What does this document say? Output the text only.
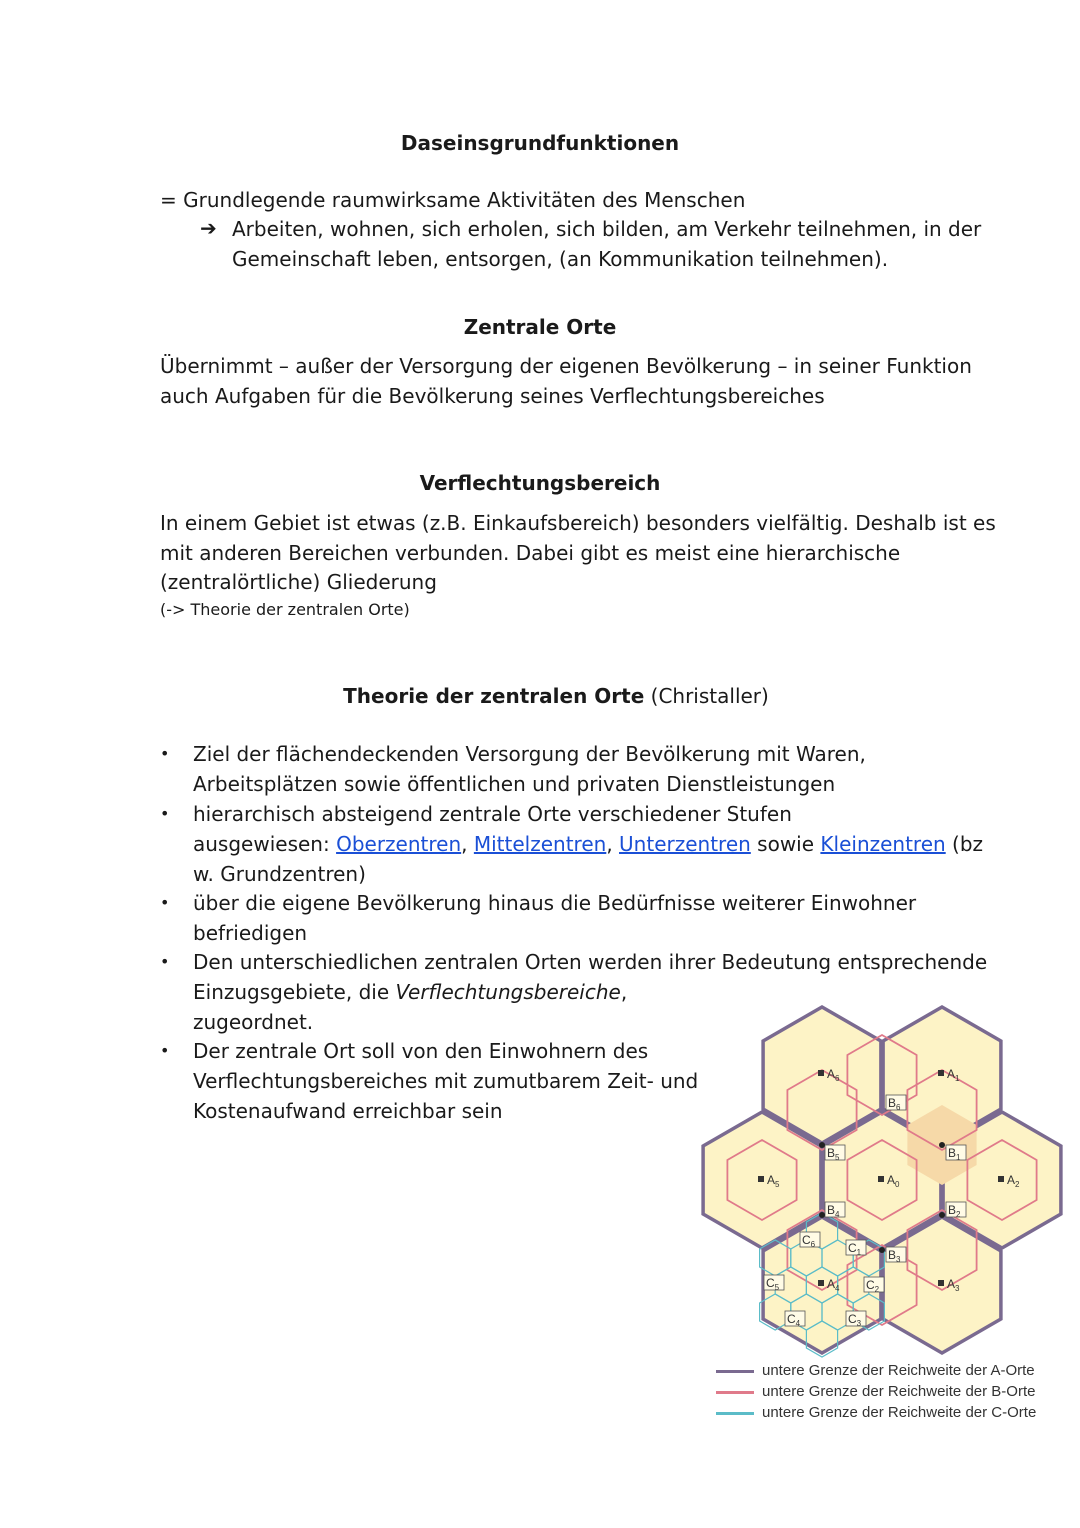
Daseinsgrundfunktionen
= Grundlegende raumwirksame Aktivitäten des Menschen
➔ Arbeiten, wohnen, sich erholen, sich bilden, am Verkehr teilnehmen, in der
Gemeinschaft leben, entsorgen, (an Kommunikation teilnehmen).
Zentrale Orte
Übernimmt – außer der Versorgung der eigenen Bevölkerung – in seiner Funktion
auch Aufgaben für die Bevölkerung seines Verflechtungsbereiches
Verflechtungsbereich
In einem Gebiet ist etwas (z.B. Einkaufsbereich) besonders vielfältig. Deshalb ist es
mit anderen Bereichen verbunden. Dabei gibt es meist eine hierarchische
(zentralörtliche) Gliederung
(-> Theorie der zentralen Orte)
Theorie der zentralen Orte (Christaller)
• Ziel der flächendeckenden Versorgung der Bevölkerung mit Waren,
Arbeitsplätzen sowie öffentlichen und privaten Dienstleistungen
• hierarchisch absteigend zentrale Orte verschiedener Stufen
ausgewiesen: Oberzentren, Mittelzentren, Unterzentren sowie Kleinzentren (bz
w. Grundzentren)
• über die eigene Bevölkerung hinaus die Bedürfnisse weiterer Einwohner
befriedigen
• Den unterschiedlichen zentralen Orten werden ihrer Bedeutung entsprechende
Einzugsgebiete, die Verflechtungsbereiche,
zugeordnet.
• Der zentrale Ort soll von den Einwohnern des
Verflechtungsbereiches mit zumutbarem Zeit- und
Kostenaufwand erreichbar sein
$A_6$	$A_1$
$A_5$	$A_0$	$A_2$
$A_4$	$A_3$
$B_6$
$B_5$	$B_1$
$B_4$	$B_2$
$B_3$
$C_6$	$C_1$
$C_5$	$C_2$
$C_4$	$C_3$
untere Grenze der Reichweite der A-Orte
untere Grenze der Reichweite der B-Orte
untere Grenze der Reichweite der C-Orte
